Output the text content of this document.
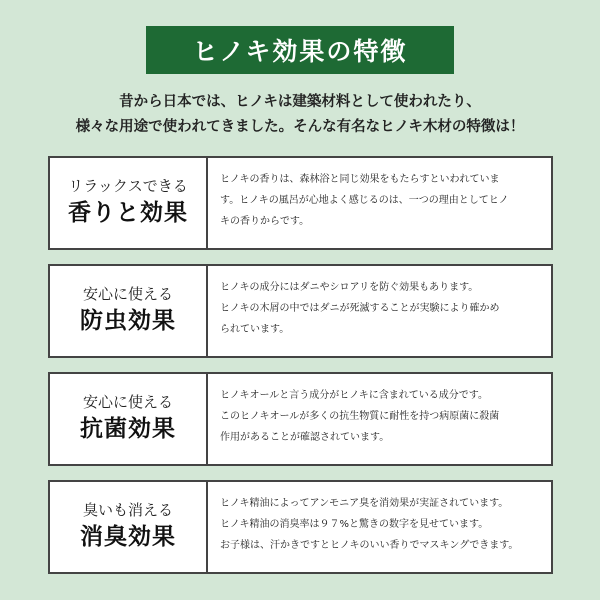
ヒノキ効果の特徴
昔から日本では、ヒノキは建築材料として使われたり、
様々な用途で使われてきました。そんな有名なヒノキ木材の特徴は！
リラックスできる
香りと効果

ヒノキの香りは、森林浴と同じ効果をもたらすといわれていま

す。ヒノキの風呂が心地よく感じるのは、一つの理由としてヒノ

キの香りからです。

安心に使える
防虫効果

ヒノキの成分にはダニやシロアリを防ぐ効果もあります。

ヒノキの木屑の中ではダニが死滅することが実験により確かめ

られています。

安心に使える
抗菌効果

ヒノキオールと言う成分がヒノキに含まれている成分です。

このヒノキオールが多くの抗生物質に耐性を持つ病原菌に殺菌

作用があることが確認されています。

臭いも消える
消臭効果

ヒノキ精油によってアンモニア臭を消効果が実証されています。

ヒノキ精油の消臭率は９７%と驚きの数字を見せています。

お子様は、汗かきですとヒノキのいい香りでマスキングできます。
